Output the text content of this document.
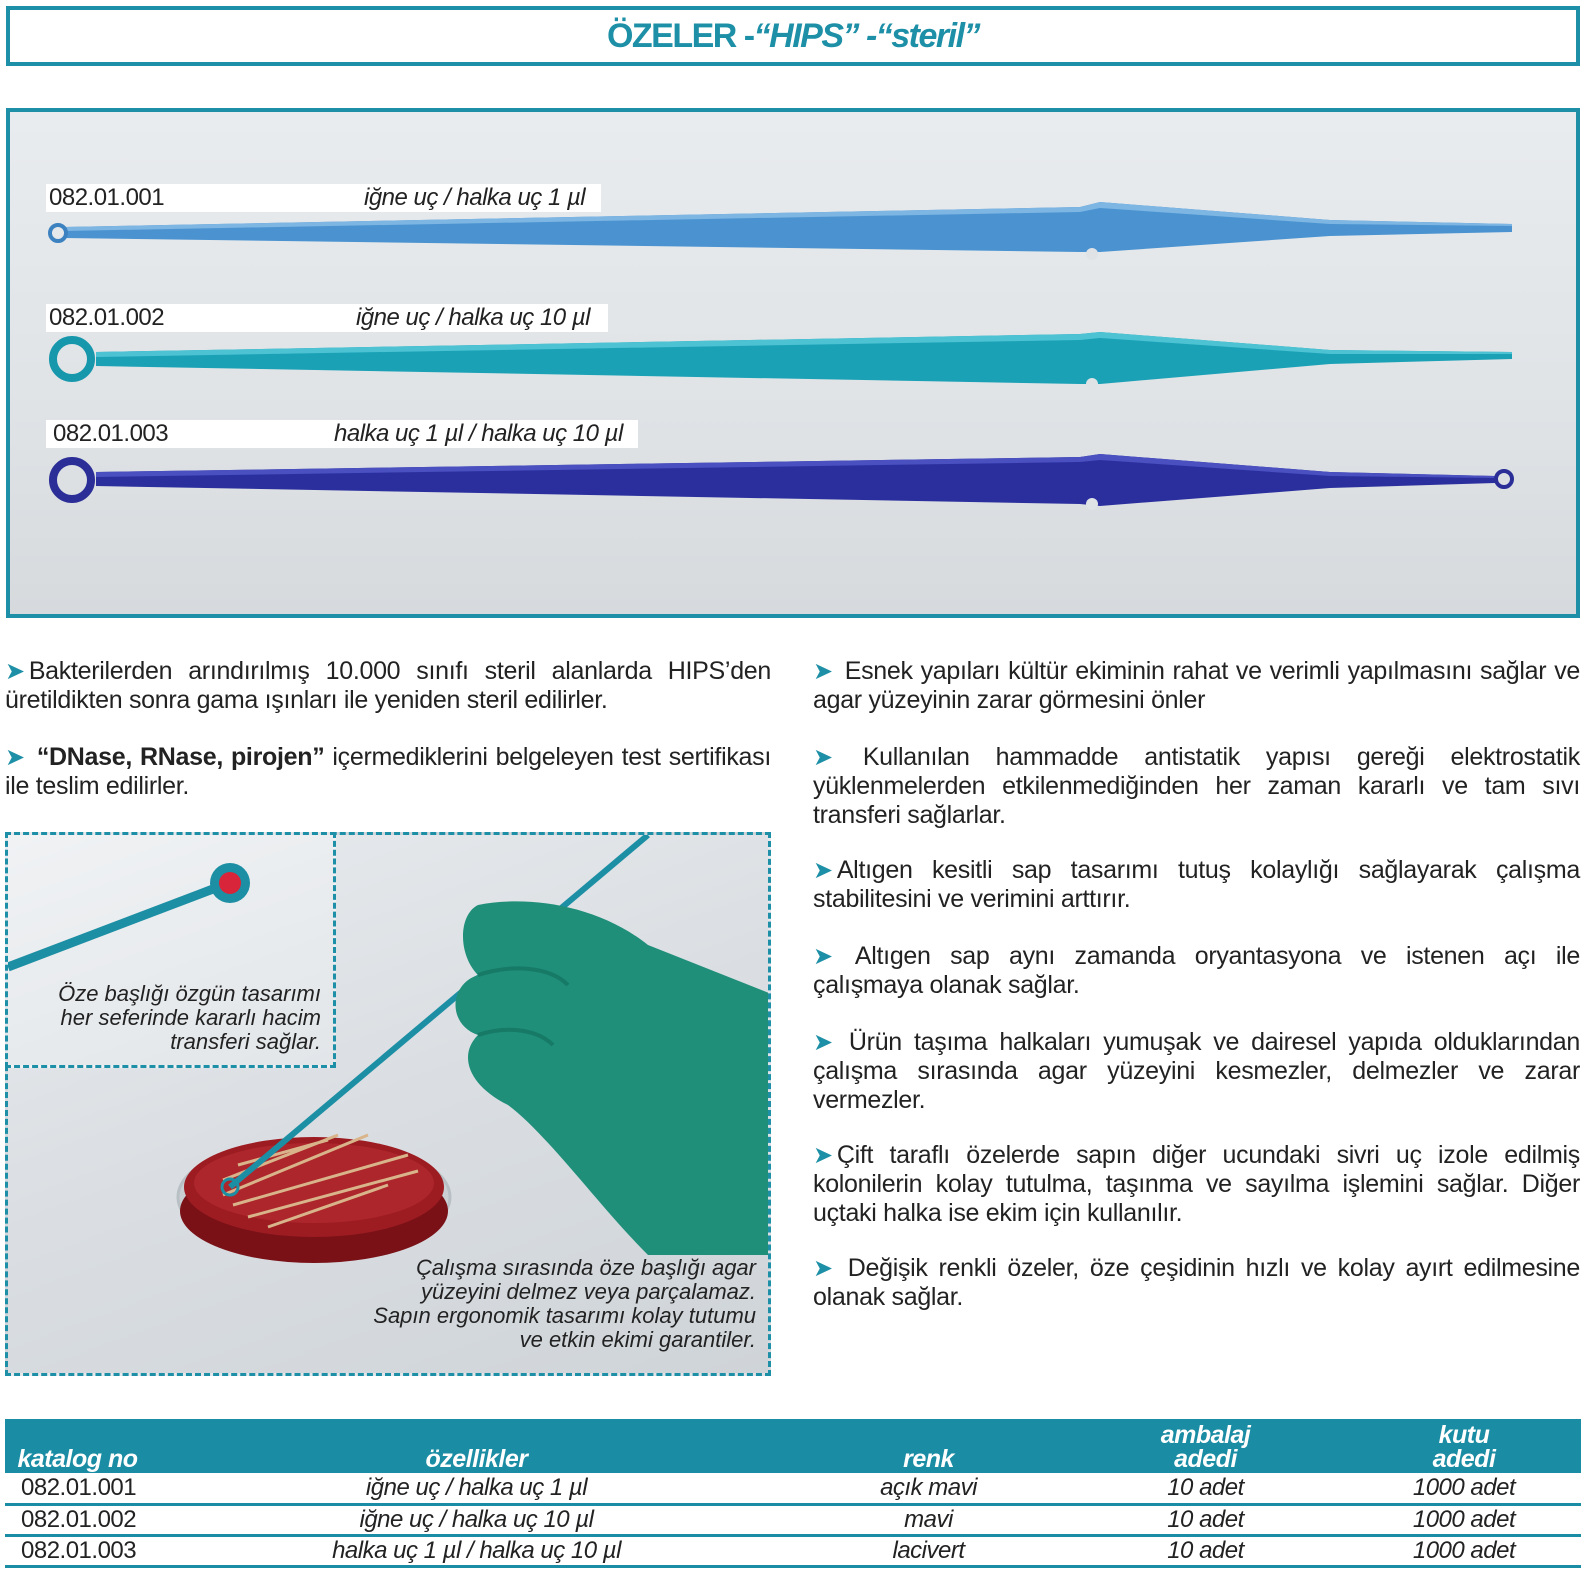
ÖZELER - “HIPS” - “steril”
082.01.001	iğne uç / halka uç 1 µl
082.01.002	iğne uç / halka uç 10 µl
082.01.003	halka uç 1 µl / halka uç 10 µl
➤ Bakterilerden arındırılmış 10.000 sınıfı steril alanlarda HIPS’den üretildikten sonra gama ışınları ile yeniden steril edilirler.
➤ “DNase, RNase, pirojen” içermediklerini belgeleyen test sertifikası ile teslim edilirler.
Öze başlığı özgün tasarımı
her seferinde kararlı hacim
transferi sağlar.
Çalışma sırasında öze başlığı agar
yüzeyini delmez veya parçalamaz.
Sapın ergonomik tasarımı kolay tutumu
ve etkin ekimi garantiler.
➤ Esnek yapıları kültür ekiminin rahat ve verimli yapılmasını sağlar ve agar yüzeyinin zarar görmesini önler
➤ Kullanılan hammadde antistatik yapısı gereği elektrostatik yüklenmelerden etkilenmediğinden her zaman kararlı ve tam sıvı transferi sağlarlar.
➤ Altıgen kesitli sap tasarımı tutuş kolaylığı sağlayarak çalışma stabilitesini ve verimini arttırır.
➤ Altıgen sap aynı zamanda oryantasyona ve istenen açı ile çalışmaya olanak sağlar.
➤ Ürün taşıma halkaları yumuşak ve dairesel yapıda olduklarından çalışma sırasında agar yüzeyini kesmezler, delmezler ve zarar vermezler.
➤ Çift taraflı özelerde sapın diğer ucundaki sivri uç izole edilmiş kolonilerin kolay tutulma, taşınma ve sayılma işlemini sağlar. Diğer uçtaki halka ise ekim için kullanılır.
➤ Değişik renkli özeler, öze çeşidinin hızlı ve kolay ayırt edilmesine olanak sağlar.
katalog no	özellikler	renk	ambalaj adedi	kutu adedi
082.01.001	iğne uç / halka uç 1 µl	açık mavi	10 adet	1000 adet
082.01.002	iğne uç / halka uç 10 µl	mavi	10 adet	1000 adet
082.01.003	halka uç 1 µl / halka uç 10 µl	lacivert	10 adet	1000 adet
